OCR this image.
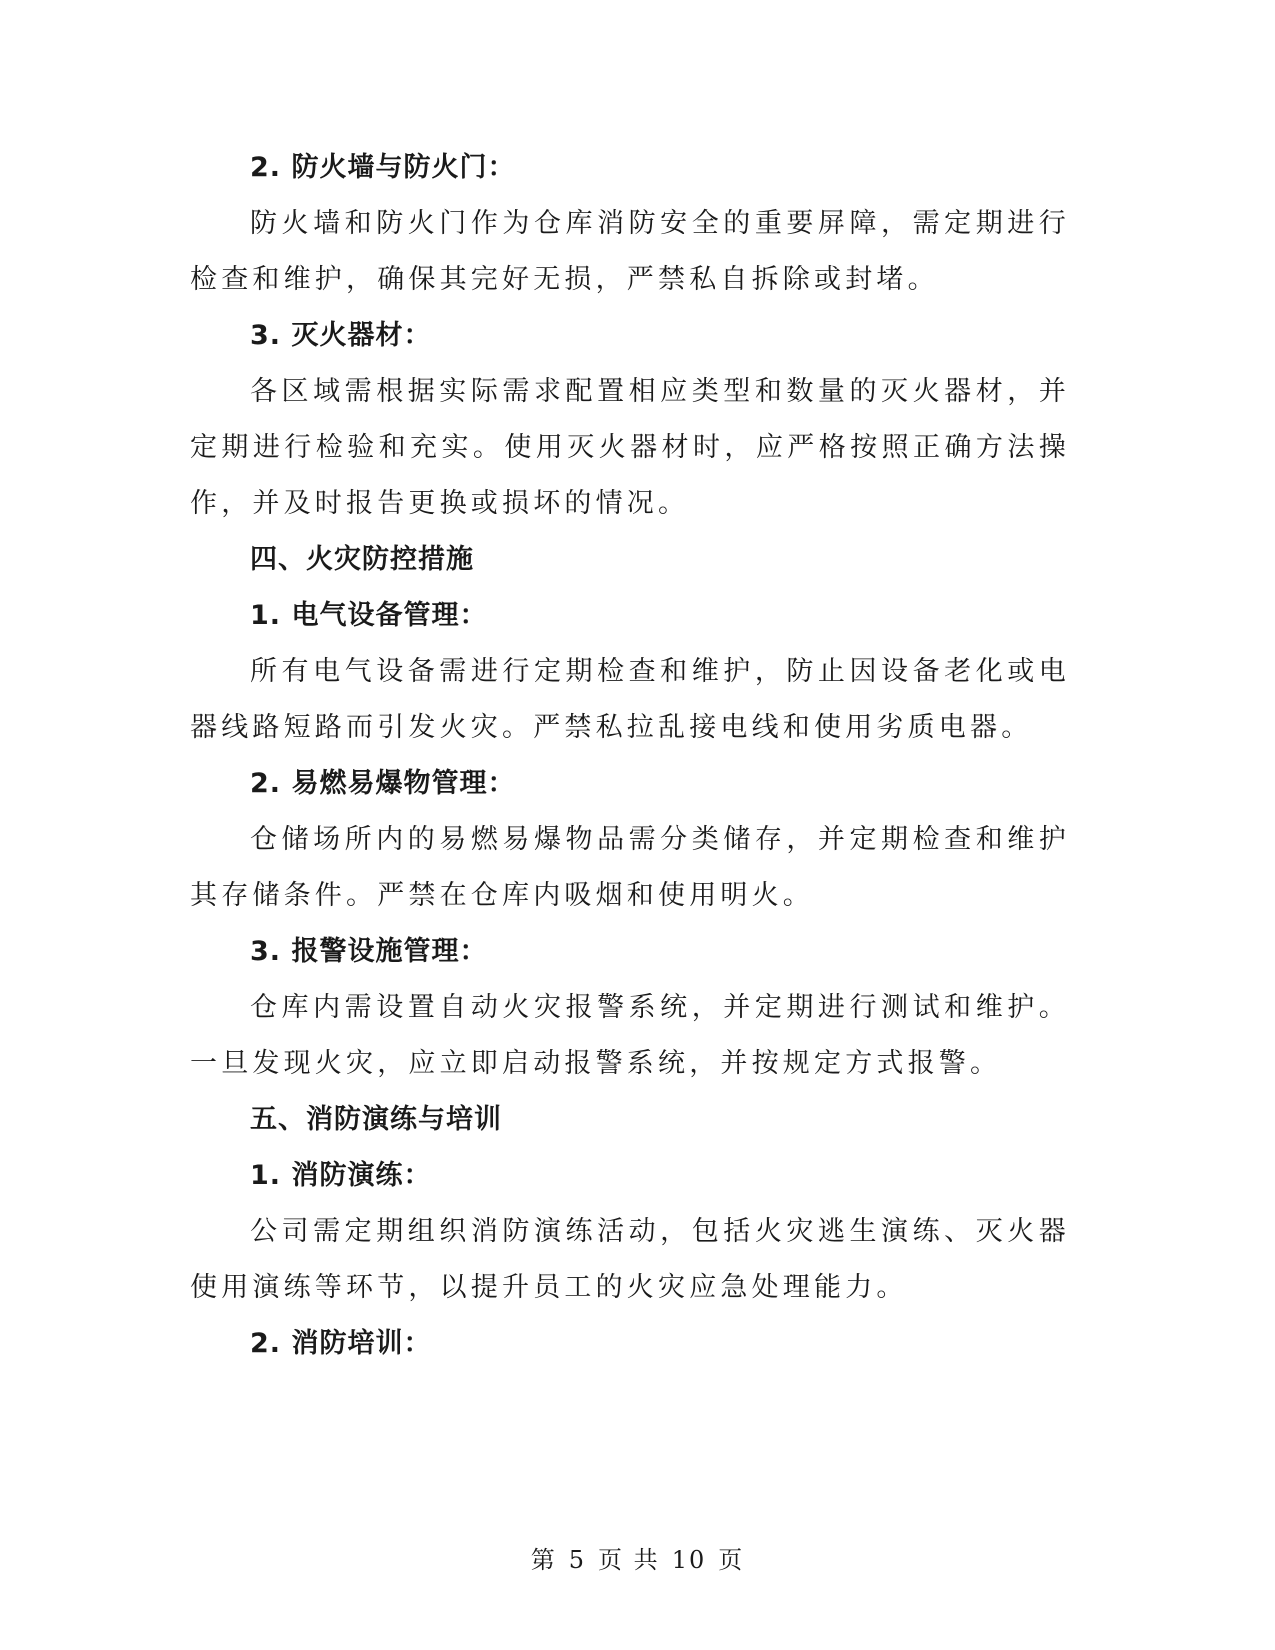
2. 防火墙与防火门：

防火墙和防火门作为仓库消防安全的重要屏障，需定期进行检查和维护，确保其完好无损，严禁私自拆除或封堵。

3. 灭火器材：

各区域需根据实际需求配置相应类型和数量的灭火器材，并定期进行检验和充实。使用灭火器材时，应严格按照正确方法操作，并及时报告更换或损坏的情况。

四、火灾防控措施

1. 电气设备管理：

所有电气设备需进行定期检查和维护，防止因设备老化或电器线路短路而引发火灾。严禁私拉乱接电线和使用劣质电器。

2. 易燃易爆物管理：

仓储场所内的易燃易爆物品需分类储存，并定期检查和维护其存储条件。严禁在仓库内吸烟和使用明火。

3. 报警设施管理：

仓库内需设置自动火灾报警系统，并定期进行测试和维护。一旦发现火灾，应立即启动报警系统，并按规定方式报警。

五、消防演练与培训

1. 消防演练：

公司需定期组织消防演练活动，包括火灾逃生演练、灭火器使用演练等环节，以提升员工的火灾应急处理能力。

2. 消防培训：

第 5 页 共 10 页
